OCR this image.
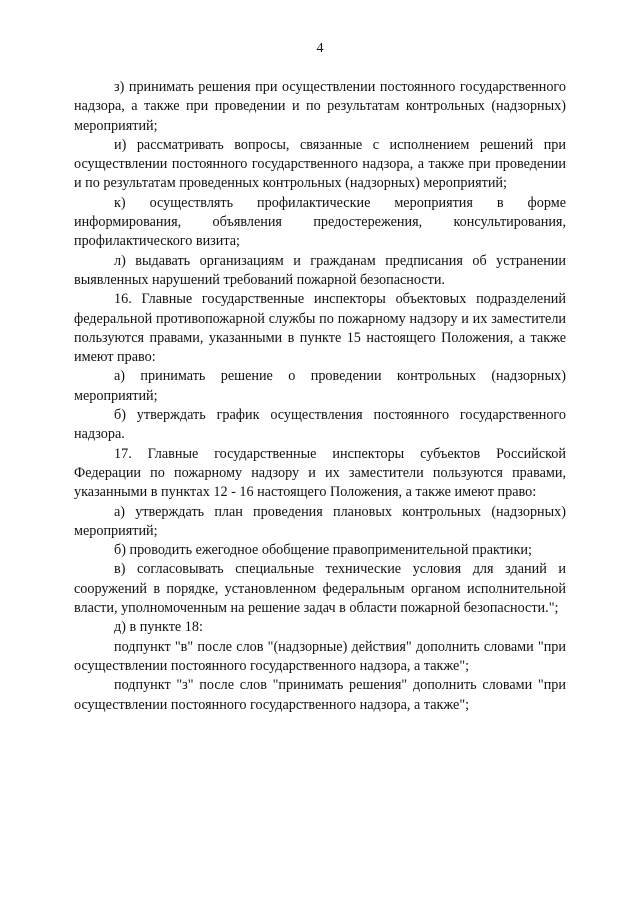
4

з) принимать решения при осуществлении постоянного государственного надзора, а также при проведении и по результатам контрольных (надзорных) мероприятий;

и) рассматривать вопросы, связанные с исполнением решений при осуществлении постоянного государственного надзора, а также при проведении и по результатам проведенных контрольных (надзорных) мероприятий;

к) осуществлять профилактические мероприятия в форме информирования, объявления предостережения, консультирования, профилактического визита;

л) выдавать организациям и гражданам предписания об устранении выявленных нарушений требований пожарной безопасности.

16. Главные государственные инспекторы объектовых подразделений федеральной противопожарной службы по пожарному надзору и их заместители пользуются правами, указанными в пункте 15 настоящего Положения, а также имеют право:

а) принимать решение о проведении контрольных (надзорных) мероприятий;

б) утверждать график осуществления постоянного государственного надзора.

17. Главные государственные инспекторы субъектов Российской Федерации по пожарному надзору и их заместители пользуются правами, указанными в пунктах 12 - 16 настоящего Положения, а также имеют право:

а) утверждать план проведения плановых контрольных (надзорных) мероприятий;

б) проводить ежегодное обобщение правоприменительной практики;

в) согласовывать специальные технические условия для зданий и сооружений в порядке, установленном федеральным органом исполнительной власти, уполномоченным на решение задач в области пожарной безопасности.";

д) в пункте 18:

подпункт "в" после слов "(надзорные) действия" дополнить словами "при осуществлении постоянного государственного надзора, а также";

подпункт "з" после слов "принимать решения" дополнить словами "при осуществлении постоянного государственного надзора, а также";
